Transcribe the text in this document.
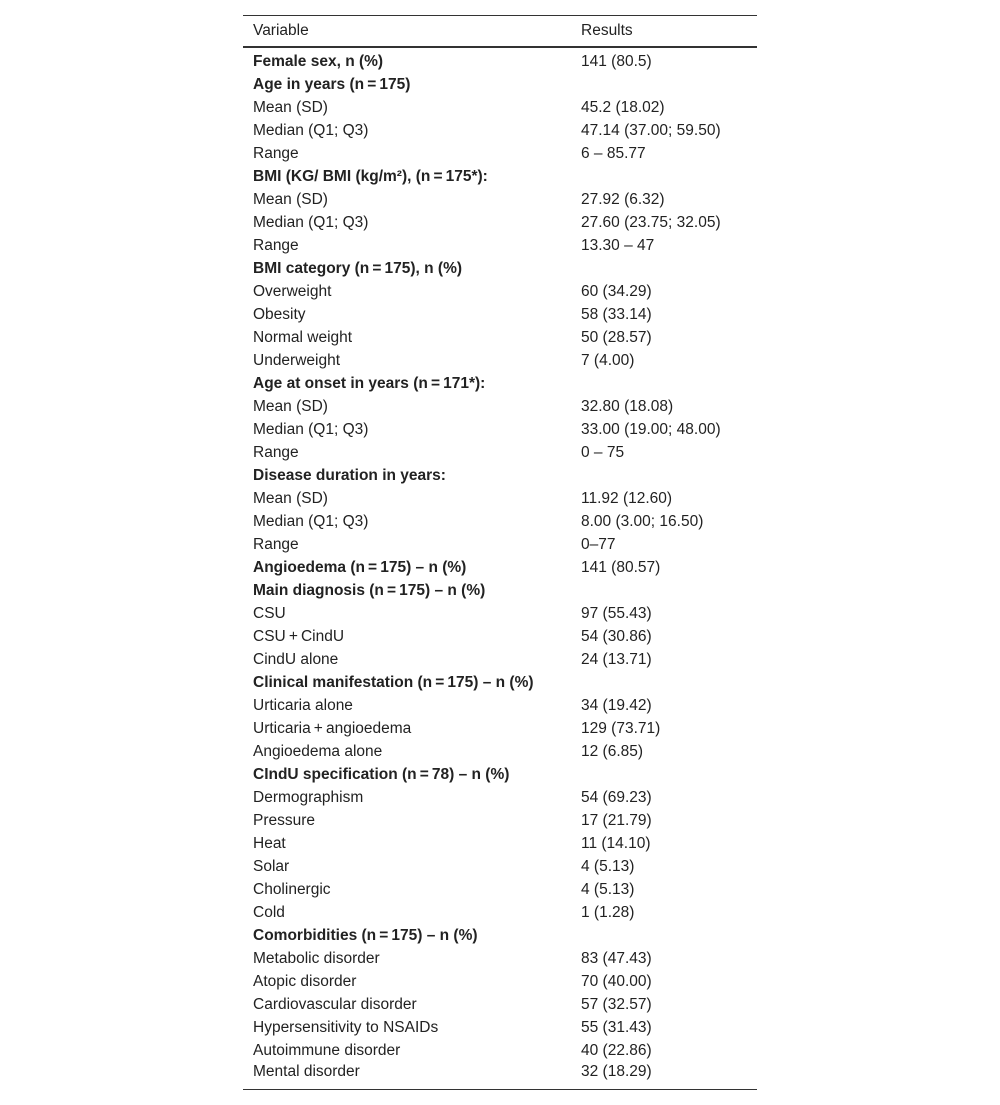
Variable	Results
Female sex, n (%)	141 (80.5)
Age in years (n = 175)	
Mean (SD)	45.2 (18.02)
Median (Q1; Q3)	47.14 (37.00; 59.50)
Range	6 – 85.77
BMI (KG/ BMI (kg/m²), (n = 175*):	
Mean (SD)	27.92 (6.32)
Median (Q1; Q3)	27.60 (23.75; 32.05)
Range	13.30 – 47
BMI category (n = 175), n (%)	
Overweight	60 (34.29)
Obesity	58 (33.14)
Normal weight	50 (28.57)
Underweight	7 (4.00)
Age at onset in years (n = 171*):	
Mean (SD)	32.80 (18.08)
Median (Q1; Q3)	33.00 (19.00; 48.00)
Range	0 – 75
Disease duration in years:	
Mean (SD)	11.92 (12.60)
Median (Q1; Q3)	8.00 (3.00; 16.50)
Range	0–77
Angioedema (n = 175) – n (%)	141 (80.57)
Main diagnosis (n = 175) – n (%)	
CSU	97 (55.43)
CSU + CindU	54 (30.86)
CindU alone	24 (13.71)
Clinical manifestation (n = 175) – n (%)	
Urticaria alone	34 (19.42)
Urticaria + angioedema	129 (73.71)
Angioedema alone	12 (6.85)
CIndU specification (n = 78) – n (%)	
Dermographism	54 (69.23)
Pressure	17 (21.79)
Heat	11 (14.10)
Solar	4 (5.13)
Cholinergic	4 (5.13)
Cold	1 (1.28)
Comorbidities (n = 175) – n (%)	
Metabolic disorder	83 (47.43)
Atopic disorder	70 (40.00)
Cardiovascular disorder	57 (32.57)
Hypersensitivity to NSAIDs	55 (31.43)
Autoimmune disorder	40 (22.86)
Mental disorder	32 (18.29)
